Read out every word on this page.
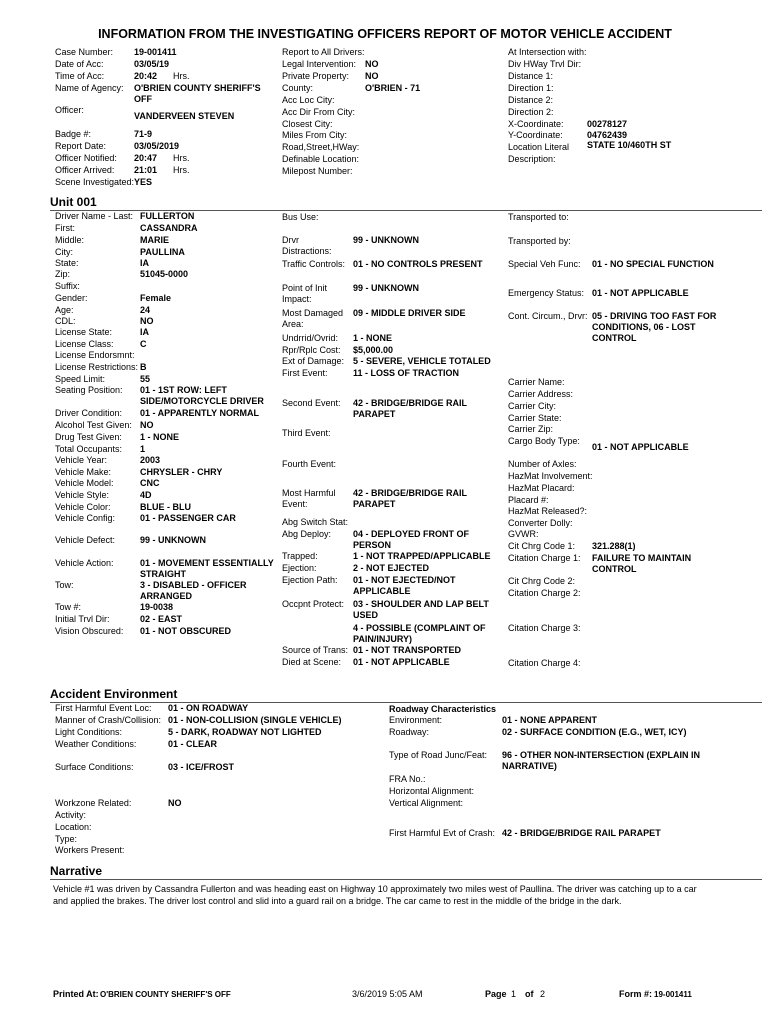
INFORMATION FROM THE INVESTIGATING OFFICERS REPORT OF MOTOR VEHICLE ACCIDENT
Case Number: 19-001411
Date of Acc:	03/05/19
Time of Acc:	20:42	Hrs.
Name of Agency: O'BRIEN COUNTY SHERIFF'S OFF
Officer:
VANDERVEEN STEVEN
Badge #:	71-9
Report Date:	03/05/2019
Officer Notified: 20:47	Hrs.
Officer Arrived: 21:01	Hrs.
Scene Investigated: YES
Report to All Drivers:
Legal Intervention: NO
Private Property: NO
County:	O'BRIEN - 71
Acc Loc City:
Acc Dir From City:
Closest City:
Miles From City:
Road,Street,HWay:
Definable Location:
Milepost Number:
At Intersection with:
Div HWay Trvl Dir:
Distance 1:
Direction 1:
Distance 2:
Direction 2:
X-Coordinate:	00278127
Y-Coordinate:	04762439
Location Literal STATE 10/460TH ST
Description:
Driver Name - Last: FULLERTON
First:	CASSANDRA
Middle:	MARIE
City:	PAULLINA
State:	IA
Zip:	51045-0000
Suffix:
Gender:	Female
Age:	24
CDL:	NO
License State:	IA
License Class:	C
License Endorsmnt:
License Restrictions: B
Speed Limit:	55
Seating Position: 01 - 1ST ROW: LEFT SIDE/MOTORCYCLE DRIVER
Driver Condition: 01 - APPARENTLY NORMAL
Alcohol Test Given: NO
Drug Test Given: 1 - NONE
Total Occupants: 1
Vehicle Year:	2003
Vehicle Make:	CHRYSLER - CHRY
Vehicle Model:	CNC
Vehicle Style:	4D
Vehicle Color:	BLUE - BLU
Vehicle Config:	01 - PASSENGER CAR
Vehicle Defect:	99 - UNKNOWN
Vehicle Action:	01 - MOVEMENT ESSENTIALLY STRAIGHT
Tow:	3 - DISABLED - OFFICER ARRANGED
Tow #:	19-0038
Initial Trvl Dir:	02 - EAST
Vision Obscured: 01 - NOT OBSCURED
Bus Use:
Drvr Distractions:
99 - UNKNOWN
Traffic Controls: 01 - NO CONTROLS PRESENT
Point of Init Impact:
99 - UNKNOWN
Most Damaged Area:
09 - MIDDLE DRIVER SIDE
Undrrid/Ovrid:	1 - NONE
Rpr/Rplc Cost:	$5,000.00
Ext of Damage: 5 - SEVERE, VEHICLE TOTALED
First Event:	11 - LOSS OF TRACTION
Second Event:	42 - BRIDGE/BRIDGE RAIL PARAPET
Third Event:
Fourth Event:
Most Harmful Event:
42 - BRIDGE/BRIDGE RAIL PARAPET
Abg Switch Stat:
Abg Deploy:	04 - DEPLOYED FRONT OF PERSON
Trapped:	1 - NOT TRAPPED/APPLICABLE
Ejection:	2 - NOT EJECTED
Ejection Path:	01 - NOT EJECTED/NOT APPLICABLE
Occpnt Protect: 03 - SHOULDER AND LAP BELT USED
4 - POSSIBLE (COMPLAINT OF PAIN/INJURY)
Source of Trans: 01 - NOT TRANSPORTED
Died at Scene:	01 - NOT APPLICABLE
Transported to:
Transported by:
Special Veh Func: 01 - NO SPECIAL FUNCTION
Emergency Status: 01 - NOT APPLICABLE
Cont. Circum., Drvr: 05 - DRIVING TOO FAST FOR CONDITIONS, 06 - LOST CONTROL
Carrier Name:
Carrier Address:
Carrier City:
Carrier State:
Carrier Zip:
Cargo Body Type:
01 - NOT APPLICABLE
Number of Axles:
HazMat Involvement:
HazMat Placard:
Placard #:
HazMat Released?:
Converter Dolly:
GVWR:
Cit Chrg Code 1: 321.288(1)
Citation Charge 1: FAILURE TO MAINTAIN CONTROL
Cit Chrg Code 2:
Citation Charge 2:
Citation Charge 3:
Citation Charge 4:
First Harmful Event Loc: 01 - ON ROADWAY
Manner of Crash/Collision: 01 - NON-COLLISION (SINGLE VEHICLE)
Light Conditions:	5 - DARK, ROADWAY NOT LIGHTED
Weather Conditions:	01 - CLEAR
Surface Conditions:	03 - ICE/FROST
Workzone Related:	NO
Activity:
Location:
Type:
Workers Present:
Environment:	01 - NONE APPARENT
Roadway:	02 - SURFACE CONDITION (E.G., WET, ICY)
Type of Road Junc/Feat: 96 - OTHER NON-INTERSECTION (EXPLAIN IN NARRATIVE)
FRA No.:
Horizontal Alignment:
Vertical Alignment:
First Harmful Evt of Crash: 42 - BRIDGE/BRIDGE RAIL PARAPET
Unit 001
Accident Environment
Roadway Characteristics
Narrative
Vehicle #1 was driven by Cassandra Fullerton and was heading east on Highway 10 approximately two miles west of Paullina. The driver was catching up to a car and applied the brakes. The driver lost control and slid into a guard rail on a bridge. The car came to rest in the middle of the bridge in the dark.
Printed At: O'BRIEN COUNTY SHERIFF'S OFF	3/6/2019 5:05 AM	Page 1 of 2	Form #: 19-001411
